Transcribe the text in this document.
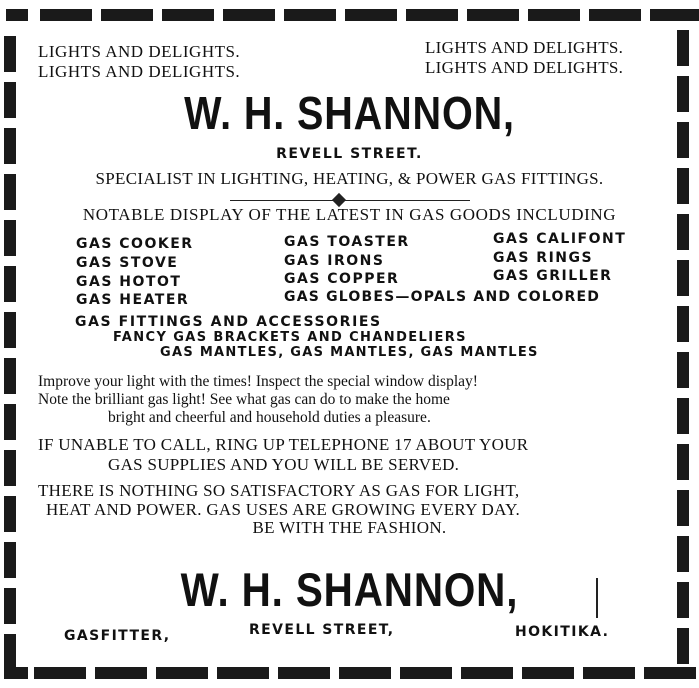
LIGHTS AND DELIGHTS.
LIGHTS AND DELIGHTS.
LIGHTS AND DELIGHTS.
LIGHTS AND DELIGHTS.
W. H. SHANNON,
REVELL STREET.
SPECIALIST IN LIGHTING, HEATING, & POWER GAS FITTINGS.
NOTABLE DISPLAY OF THE LATEST IN GAS GOODS INCLUDING
GAS COOKER
GAS STOVE
GAS HOTOT
GAS HEATER
GAS TOASTER
GAS IRONS
GAS COPPER
GAS GLOBES—OPALS AND COLORED
GAS CALIFONT
GAS RINGS
GAS GRILLER
GAS FITTINGS AND ACCESSORIES
FANCY GAS BRACKETS AND CHANDELIERS
GAS MANTLES, GAS MANTLES, GAS MANTLES
Improve your light with the times! Inspect the special window display!
Note the brilliant gas light! See what gas can do to make the home
bright and cheerful and household duties a pleasure.
IF UNABLE TO CALL, RING UP TELEPHONE 17 ABOUT YOUR
GAS SUPPLIES AND YOU WILL BE SERVED.
THERE IS NOTHING SO SATISFACTORY AS GAS FOR LIGHT,
HEAT AND POWER. GAS USES ARE GROWING EVERY DAY.
BE WITH THE FASHION.
W. H. SHANNON,
GASFITTER,	REVELL STREET,	HOKITIKA.
